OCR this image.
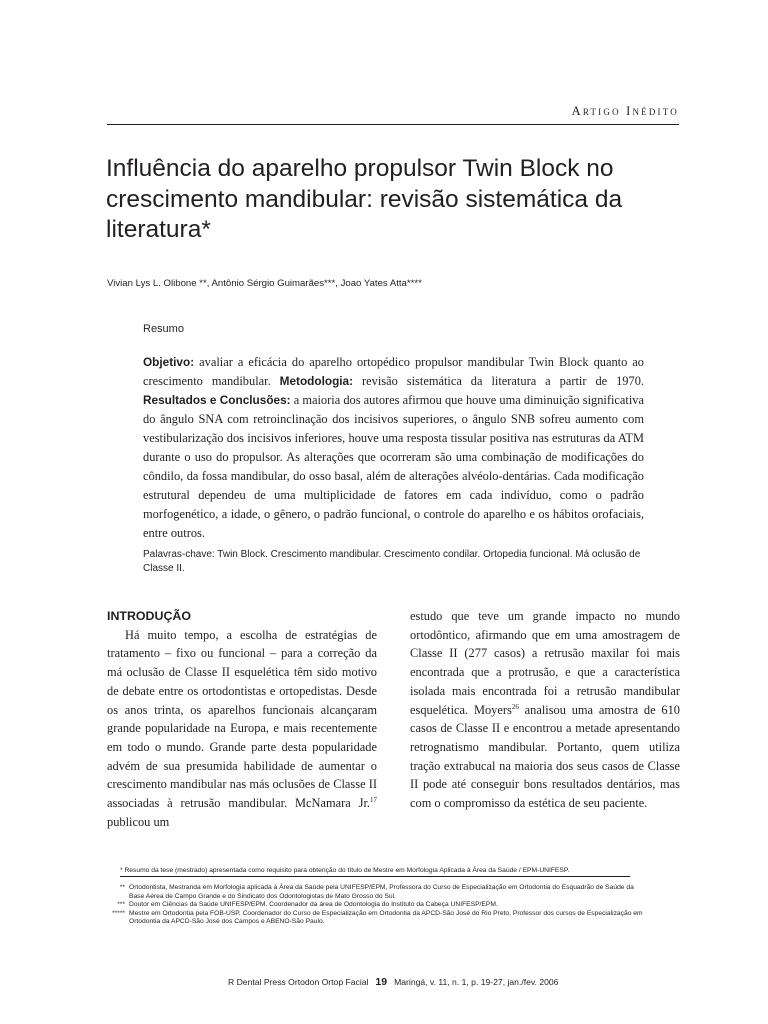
Artigo Inédito
Influência do aparelho propulsor Twin Block no crescimento mandibular: revisão sistemática da literatura*
Vivian Lys L. Olibone **, Antônio Sérgio Guimarães***, Joao Yates Atta****
Resumo

Objetivo: avaliar a eficácia do aparelho ortopédico propulsor mandibular Twin Block quanto ao crescimento mandibular. Metodologia: revisão sistemática da literatura a partir de 1970. Resultados e Conclusões: a maioria dos autores afirmou que houve uma diminuição significativa do ângulo SNA com retroinclinação dos incisivos superiores, o ângulo SNB sofreu aumento com vestibularização dos incisivos inferiores, houve uma resposta tissular positiva nas estruturas da ATM durante o uso do propulsor. As alterações que ocorreram são uma combinação de modificações do côndilo, da fossa mandibular, do osso basal, além de alterações alvéolo-dentárias. Cada modificação estrutural dependeu de uma multiplicidade de fatores em cada indivíduo, como o padrão morfogenético, a idade, o gênero, o padrão funcional, o controle do aparelho e os hábitos orofaciais, entre outros.

Palavras-chave: Twin Block. Crescimento mandibular. Crescimento condilar. Ortopedia funcional. Má oclusão de Classe II.
INTRODUÇÃO

Há muito tempo, a escolha de estratégias de tratamento – fixo ou funcional – para a correção da má oclusão de Classe II esquelética têm sido motivo de debate entre os ortodontistas e ortopedistas. Desde os anos trinta, os aparelhos funcionais alcançaram grande popularidade na Europa, e mais recentemente em todo o mundo. Grande parte desta popularidade advém de sua presumida habilidade de aumentar o crescimento mandibular nas más oclusões de Classe II associadas à retrusão mandibular. McNamara Jr.$^{17}$ publicou um

estudo que teve um grande impacto no mundo ortodôntico, afirmando que em uma amostragem de Classe II (277 casos) a retrusão maxilar foi mais encontrada que a protrusão, e que a característica isolada mais encontrada foi a retrusão mandibular esquelética. Moyers$^{26}$ analisou uma amostra de 610 casos de Classe II e encontrou a metade apresentando retrognatismo mandibular. Portanto, quem utiliza tração extrabucal na maioria dos seus casos de Classe II pode até conseguir bons resultados dentários, mas com o compromisso da estética de seu paciente.

* Resumo da tese (mestrado) apresentada como requisito para obtenção do título de Mestre em Morfologia Aplicada à Área da Saúde / EPM-UNIFESP.
** Ortodontista, Mestranda em Morfologia aplicada à Área da Saúde pela UNIFESP/EPM, Professora do Curso de Especialização em Ortodontia do Esquadrão de Saúde da Base Aérea de Campo Grande e do Sindicato dos Odontologistas de Mato Grosso do Sul.
*** Doutor em Ciências da Saúde UNIFESP/EPM. Coordenador da área de Odontologia do Instituto da Cabeça UNIFESP/EPM.
***** Mestre em Ortodontia pela FOB-USP, Coordenador do Curso de Especialização em Ortodontia da APCD-São José do Rio Preto, Professor dos cursos de Especialização em Ortodontia da APCD-São José dos Campos e ABENO-São Paulo.
R Dental Press Ortodon Ortop Facial 19 Maringá, v. 11, n. 1, p. 19-27, jan./fev. 2006
